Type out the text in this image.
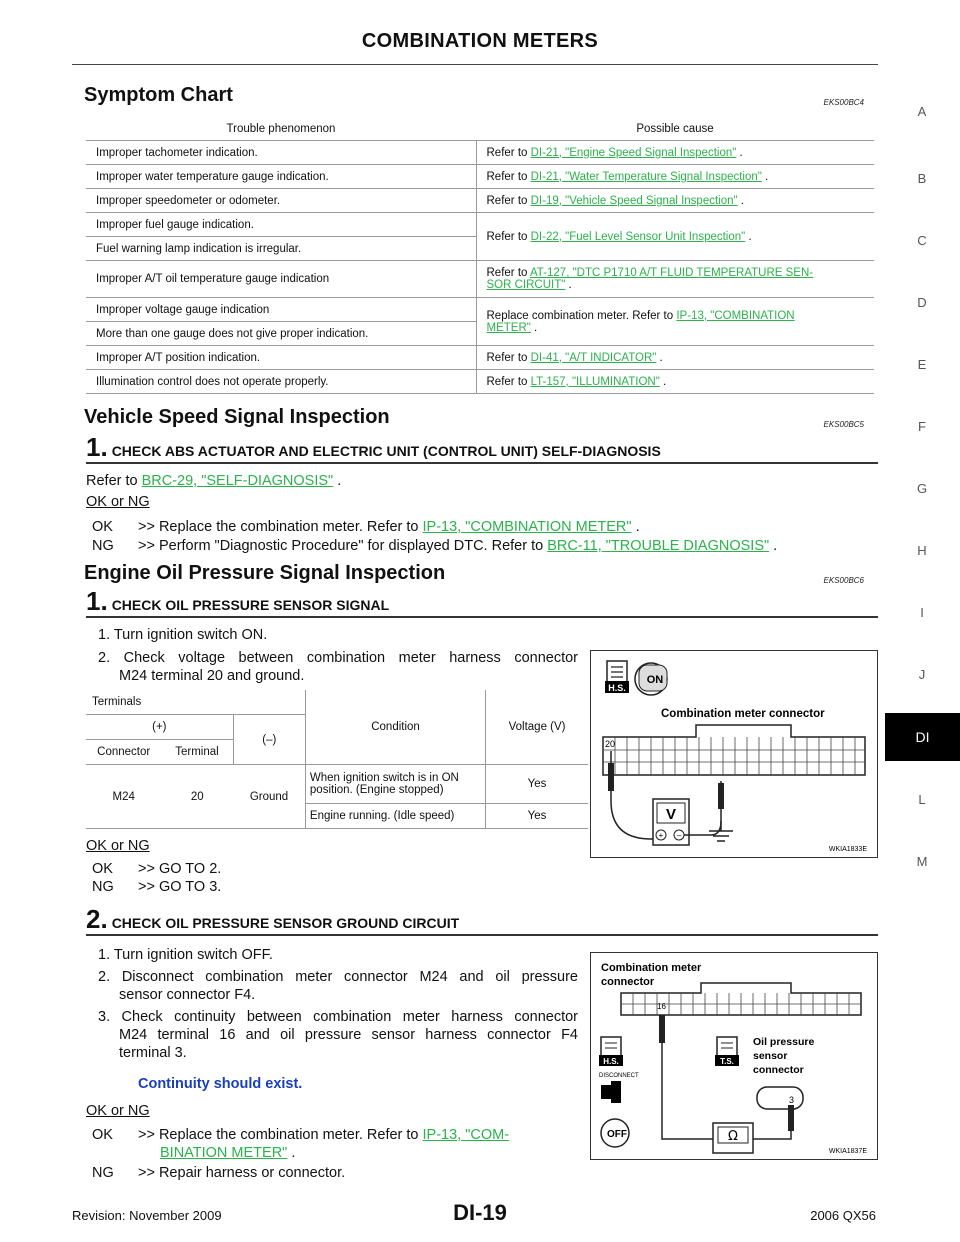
COMBINATION METERS
A
B
C
D
E
F
G
H
I
J
DI
L
M
Symptom Chart	EKS00BC4
Trouble phenomenon	Possible cause
Improper tachometer indication.	Refer to DI-21, "Engine Speed Signal Inspection" .
Improper water temperature gauge indication.	Refer to DI-21, "Water Temperature Signal Inspection" .
Improper speedometer or odometer.	Refer to DI-19, "Vehicle Speed Signal Inspection" .
Improper fuel gauge indication.	Refer to DI-22, "Fuel Level Sensor Unit Inspection" .
Fuel warning lamp indication is irregular.	
Improper A/T oil temperature gauge indication	Refer to AT-127, "DTC P1710 A/T FLUID TEMPERATURE SEN-
SOR CIRCUIT" .
Improper voltage gauge indication	Replace combination meter. Refer to IP-13, "COMBINATION
METER" .
More than one gauge does not give proper indication.	
Improper A/T position indication.	Refer to DI-41, "A/T INDICATOR" .
Illumination control does not operate properly.	Refer to LT-157, "ILLUMINATION" .
Vehicle Speed Signal Inspection	EKS00BC5
1. CHECK ABS ACTUATOR AND ELECTRIC UNIT (CONTROL UNIT) SELF-DIAGNOSIS
Refer to BRC-29, "SELF-DIAGNOSIS" .
OK or NG
OK >> Replace the combination meter. Refer to IP-13, "COMBINATION METER" .
NG >> Perform "Diagnostic Procedure" for displayed DTC. Refer to BRC-11, "TROUBLE DIAGNOSIS" .
Engine Oil Pressure Signal Inspection	EKS00BC6
1. CHECK OIL PRESSURE SENSOR SIGNAL
1. Turn ignition switch ON.
2. Check voltage between combination meter harness connector
M24 terminal 20 and ground.
Terminals			Condition	Voltage (V)
(+)		(–)		
Connector	Terminal			
M24	20	Ground	When ignition switch is in ON position. (Engine stopped)	Yes
			Engine running. (Idle speed)	Yes
H.S.
ON
Combination meter connector
20
V
+ –
WKIA1833E
OK or NG
OK >> GO TO 2.
NG >> GO TO 3.
2. CHECK OIL PRESSURE SENSOR GROUND CIRCUIT
1. Turn ignition switch OFF.
2. Disconnect combination meter connector M24 and oil pressure
sensor connector F4.
3. Check continuity between combination meter harness connector
M24 terminal 16 and oil pressure sensor harness connector F4
terminal 3.
Continuity should exist.
OK or NG
OK >> Replace the combination meter. Refer to IP-13, "COM-
BINATION METER" .
NG >> Repair harness or connector.
Combination meter
connector
16
H.S.
DISCONNECT
OFF
T.S.
Oil pressure
sensor
connector
3
Ω
WKIA1837E
DI-19
Revision: November 2009	2006 QX56
